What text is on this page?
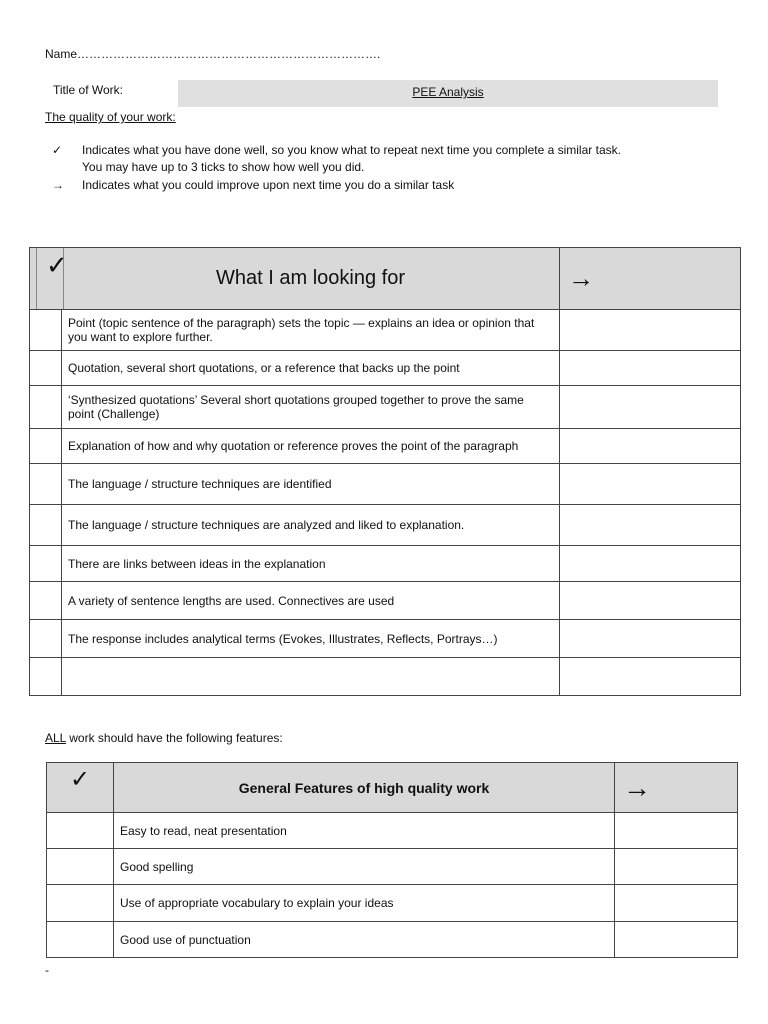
Name………………………………………………………………….
Title of Work:	PEE Analysis
The quality of your work:
✓	Indicates what you have done well, so you know what to repeat next time you complete a similar task.
You may have up to 3 ticks to show how well you did.
→	Indicates what you could improve upon next time you do a similar task
✓	What I am looking for	→
	Point (topic sentence of the paragraph) sets the topic — explains an idea or opinion that you want to explore further.	
	Quotation, several short quotations, or a reference that backs up the point	
	‘Synthesized quotations’ Several short quotations grouped together to prove the same point (Challenge)	
	Explanation of how and why quotation or reference proves the point of the paragraph	
	The language / structure techniques are identified	
	The language / structure techniques are analyzed and liked to explanation.	
	There are links between ideas in the explanation	
	A variety of sentence lengths are used. Connectives are used	
	The response includes analytical terms (Evokes, Illustrates, Reflects, Portrays…)	

ALL work should have the following features:
✓	General Features of high quality work	→
	Easy to read, neat presentation	
	Good spelling	
	Use of appropriate vocabulary to explain your ideas	
	Good use of punctuation	
-
